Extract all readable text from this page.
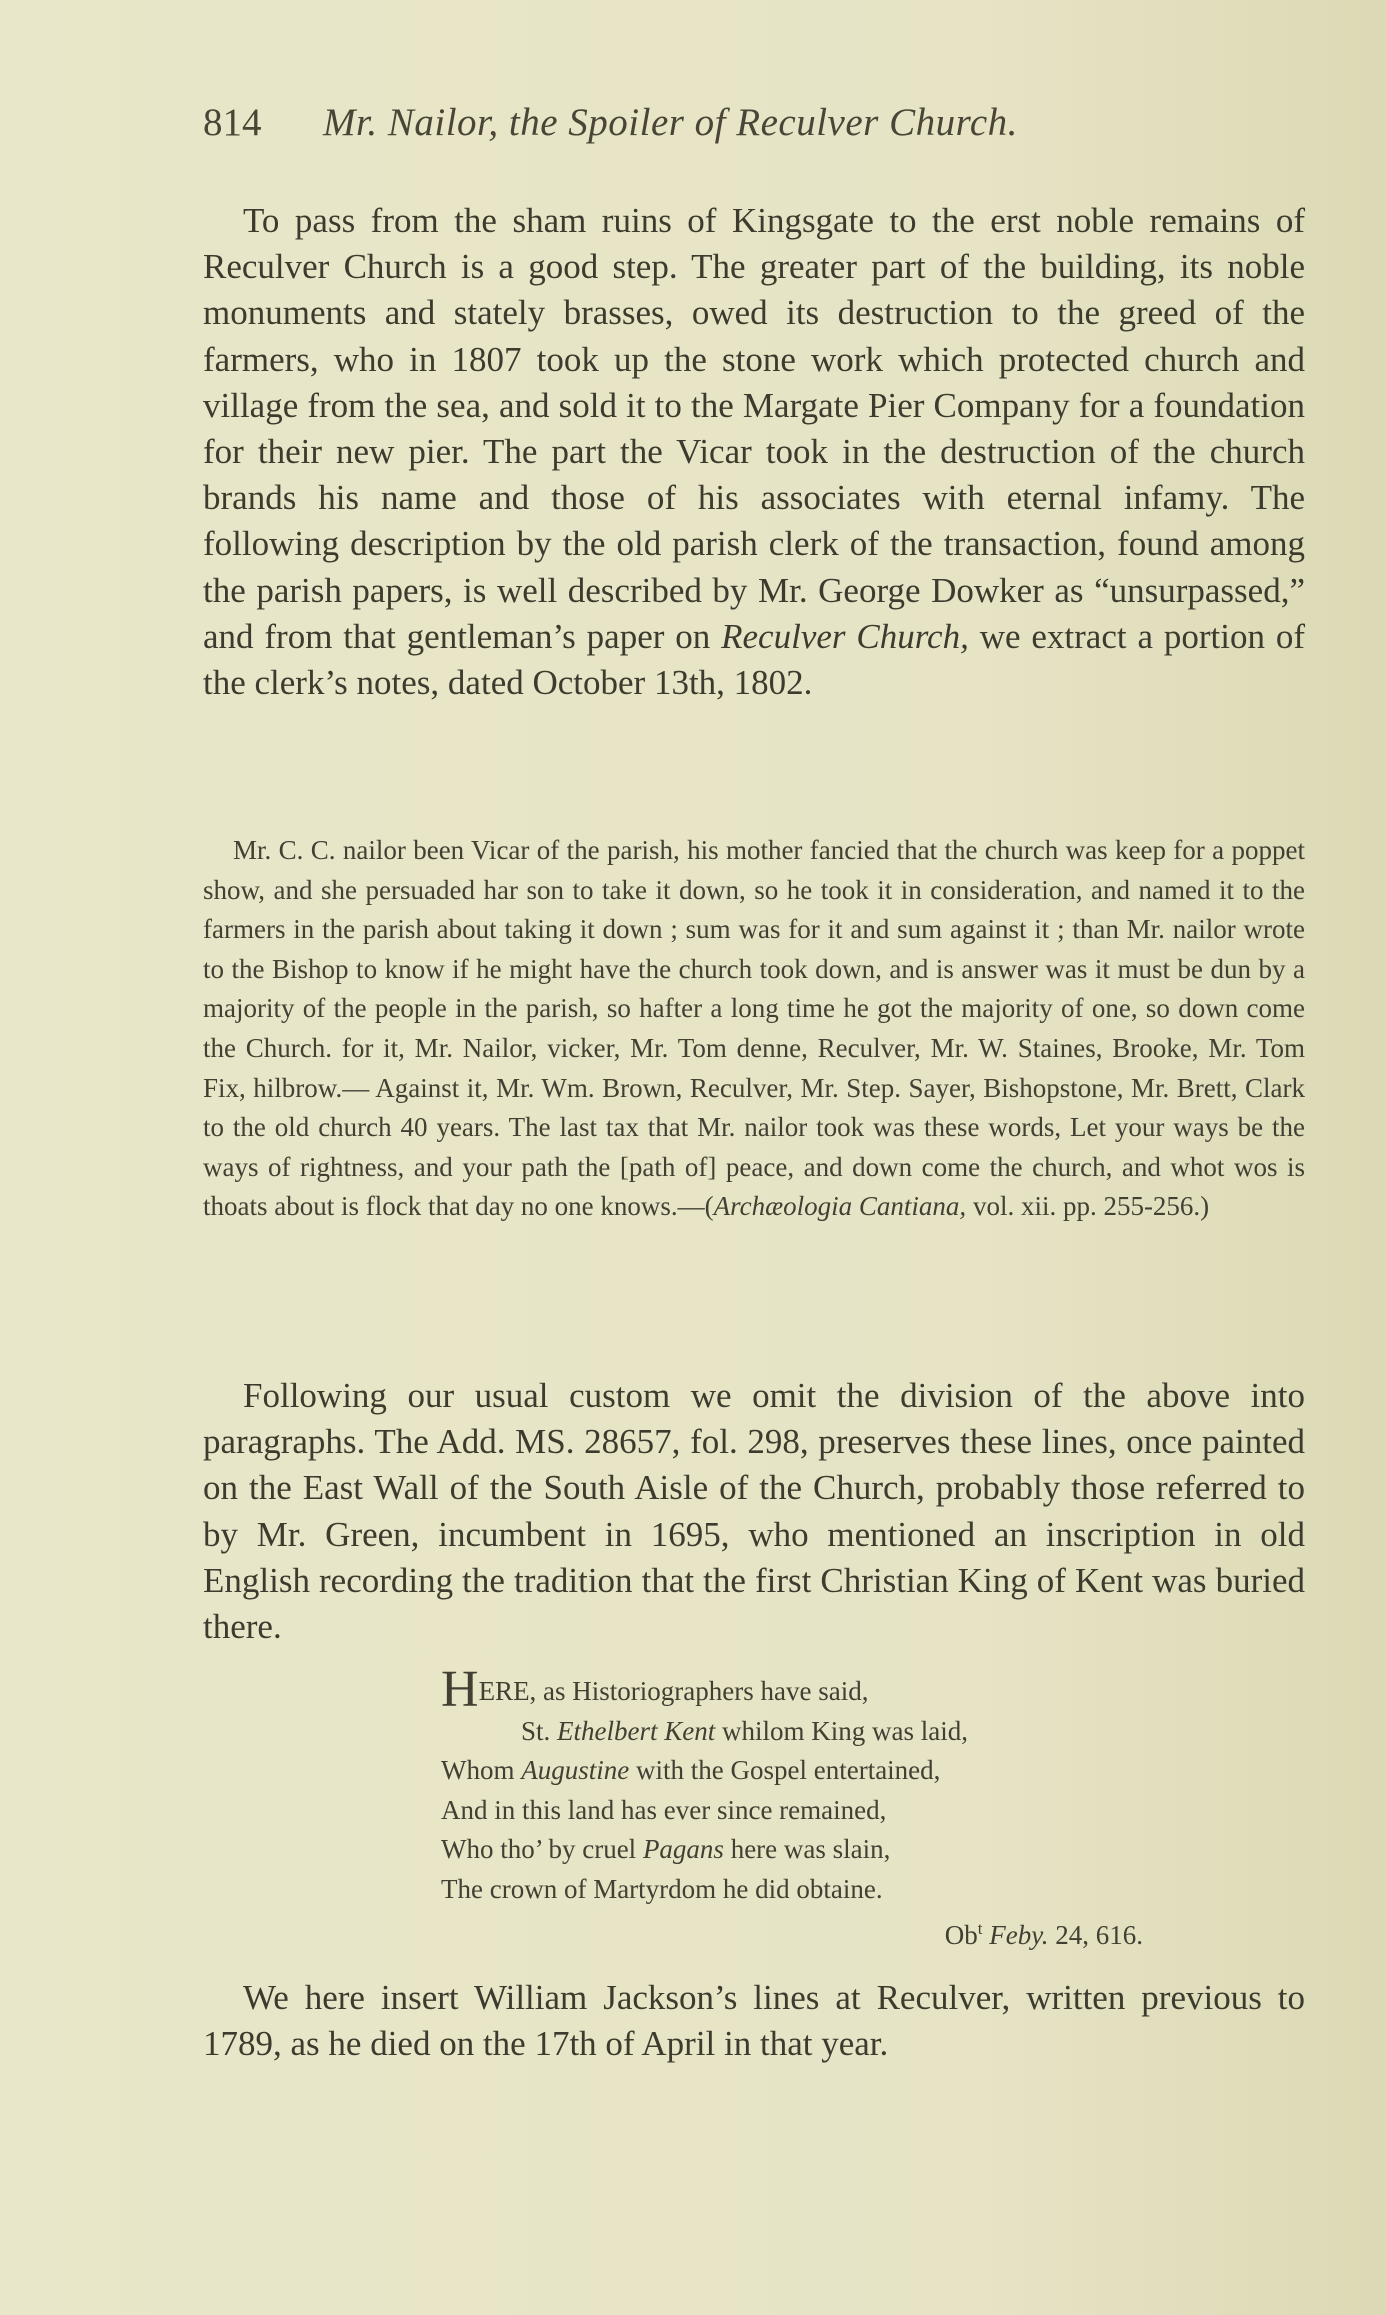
814 Mr. Nailor, the Spoiler of Reculver Church.

To pass from the sham ruins of Kingsgate to the erst noble remains of Reculver Church is a good step. The greater part of the building, its noble monuments and stately brasses, owed its destruction to the greed of the farmers, who in 1807 took up the stone work which protected church and village from the sea, and sold it to the Margate Pier Company for a foundation for their new pier. The part the Vicar took in the destruction of the church brands his name and those of his associates with eternal infamy. The following description by the old parish clerk of the transaction, found among the parish papers, is well described by Mr. George Dowker as “unsurpassed,” and from that gentleman’s paper on Reculver Church, we extract a portion of the clerk’s notes, dated October 13th, 1802.

Mr. C. C. nailor been Vicar of the parish, his mother fancied that the church was keep for a poppet show, and she persuaded har son to take it down, so he took it in consideration, and named it to the farmers in the parish about taking it down ; sum was for it and sum against it ; than Mr. nailor wrote to the Bishop to know if he might have the church took down, and is answer was it must be dun by a majority of the people in the parish, so hafter a long time he got the majority of one, so down come the Church. for it, Mr. Nailor, vicker, Mr. Tom denne, Reculver, Mr. W. Staines, Brooke, Mr. Tom Fix, hilbrow.— Against it, Mr. Wm. Brown, Reculver, Mr. Step. Sayer, Bishopstone, Mr. Brett, Clark to the old church 40 years. The last tax that Mr. nailor took was these words, Let your ways be the ways of rightness, and your path the [path of] peace, and down come the church, and whot wos is thoats about is flock that day no one knows.—(Archæologia Cantiana, vol. xii. pp. 255-256.)

Following our usual custom we omit the division of the above into paragraphs. The Add. MS. 28657, fol. 298, preserves these lines, once painted on the East Wall of the South Aisle of the Church, probably those referred to by Mr. Green, incumbent in 1695, who mentioned an inscription in old English recording the tradition that the first Christian King of Kent was buried there.

HERE, as Historiographers have said,
St. Ethelbert Kent whilom King was laid,
Whom Augustine with the Gospel entertained,
And in this land has ever since remained,
Who tho’ by cruel Pagans here was slain,
The crown of Martyrdom he did obtaine.
Ob$^t$ Feby. 24, 616.

We here insert William Jackson’s lines at Reculver, written previous to 1789, as he died on the 17th of April in that year.
